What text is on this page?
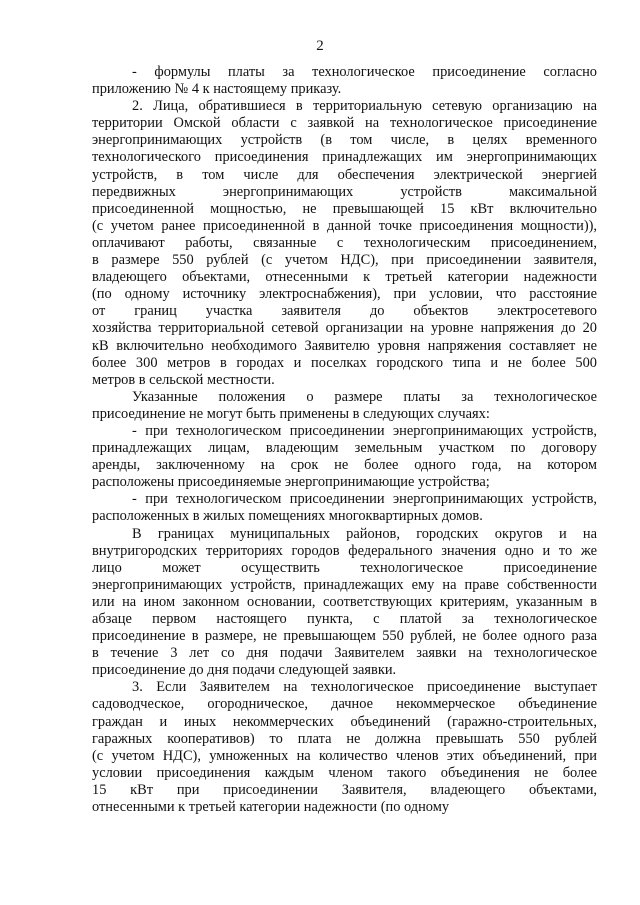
2
- формулы платы за технологическое присоединение согласно
приложению № 4 к настоящему приказу.
2. Лица, обратившиеся в территориальную сетевую организацию на
территории Омской области с заявкой на технологическое присоединение
энергопринимающих устройств (в том числе, в целях временного
технологического присоединения принадлежащих им энергопринимающих
устройств, в том числе для обеспечения электрической энергией
передвижных энергопринимающих устройств максимальной
присоединенной мощностью, не превышающей 15 кВт включительно
(с учетом ранее присоединенной в данной точке присоединения мощности)),
оплачивают работы, связанные с технологическим присоединением,
в размере 550 рублей (с учетом НДС), при присоединении заявителя,
владеющего объектами, отнесенными к третьей категории надежности
(по одному источнику электроснабжения), при условии, что расстояние
от границ участка заявителя до объектов электросетевого
хозяйства территориальной сетевой организации на уровне напряжения до 20
кВ включительно необходимого Заявителю уровня напряжения составляет не
более 300 метров в городах и поселках городского типа и не более 500
метров в сельской местности.
Указанные положения о размере платы за технологическое
присоединение не могут быть применены в следующих случаях:
- при технологическом присоединении энергопринимающих устройств,
принадлежащих лицам, владеющим земельным участком по договору
аренды, заключенному на срок не более одного года, на котором
расположены присоединяемые энергопринимающие устройства;
- при технологическом присоединении энергопринимающих устройств,
расположенных в жилых помещениях многоквартирных домов.
В границах муниципальных районов, городских округов и на
внутригородских территориях городов федерального значения одно и то же
лицо может осуществить технологическое присоединение
энергопринимающих устройств, принадлежащих ему на праве собственности
или на ином законном основании, соответствующих критериям, указанным в
абзаце первом настоящего пункта, с платой за технологическое
присоединение в размере, не превышающем 550 рублей, не более одного раза
в течение 3 лет со дня подачи Заявителем заявки на технологическое
присоединение до дня подачи следующей заявки.
3. Если Заявителем на технологическое присоединение выступает
садоводческое, огородническое, дачное некоммерческое объединение
граждан и иных некоммерческих объединений (гаражно-строительных,
гаражных кооперативов) то плата не должна превышать 550 рублей
(с учетом НДС), умноженных на количество членов этих объединений, при
условии присоединения каждым членом такого объединения не более
15 кВт при присоединении Заявителя, владеющего объектами,
отнесенными к третьей категории надежности (по одному
